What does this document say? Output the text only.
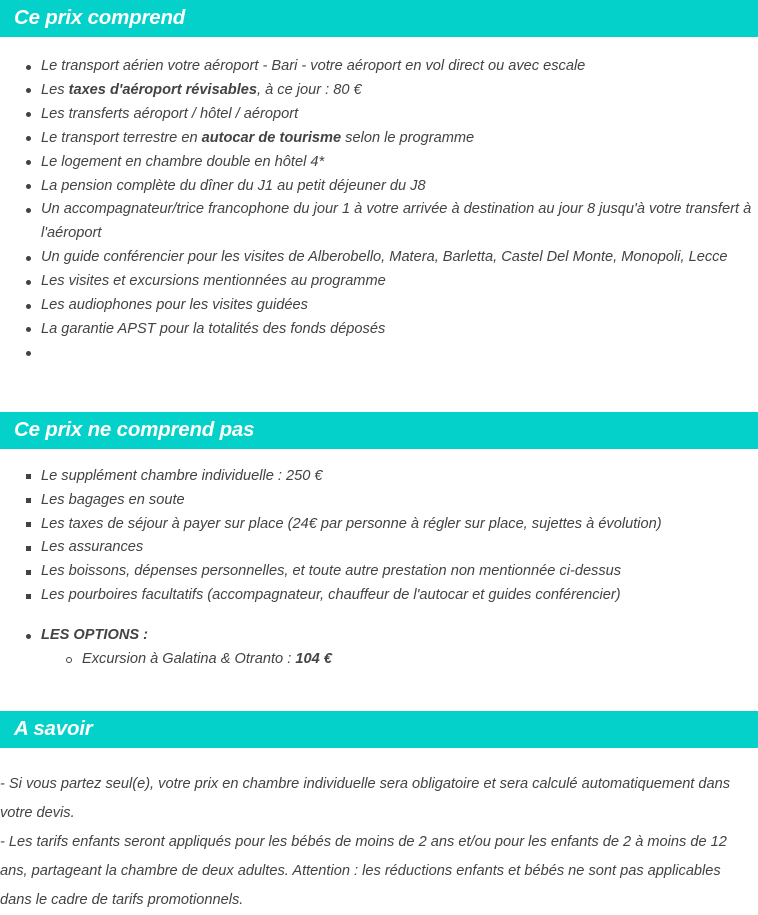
Ce prix comprend
Le transport aérien votre aéroport - Bari - votre aéroport en vol direct ou avec escale
Les taxes d'aéroport révisables, à ce jour : 80 €
Les transferts aéroport / hôtel / aéroport
Le transport terrestre en autocar de tourisme selon le programme
Le logement en chambre double en hôtel 4*
La pension complète du dîner du J1 au petit déjeuner du J8
Un accompagnateur/trice francophone du jour 1 à votre arrivée à destination au jour 8 jusqu'à votre transfert à l'aéroport
Un guide conférencier pour les visites de Alberobello, Matera, Barletta, Castel Del Monte, Monopoli, Lecce
Les visites et excursions mentionnées au programme
Les audiophones pour les visites guidées
La garantie APST pour la totalités des fonds déposés
Ce prix ne comprend pas
Le supplément chambre individuelle : 250 €
Les bagages en soute
Les taxes de séjour à payer sur place (24€ par personne à régler sur place, sujettes à évolution)
Les assurances
Les boissons, dépenses personnelles, et toute autre prestation non mentionnée ci-dessus
Les pourboires facultatifs (accompagnateur, chauffeur de l'autocar et guides conférencier)
LES OPTIONS :
Excursion à Galatina & Otranto : 104 €
A savoir
- Si vous partez seul(e), votre prix en chambre individuelle sera obligatoire et sera calculé automatiquement dans votre devis.
- Les tarifs enfants seront appliqués pour les bébés de moins de 2 ans et/ou pour les enfants de 2 à moins de 12 ans, partageant la chambre de deux adultes. Attention : les réductions enfants et bébés ne sont pas applicables dans le cadre de tarifs promotionnels.
